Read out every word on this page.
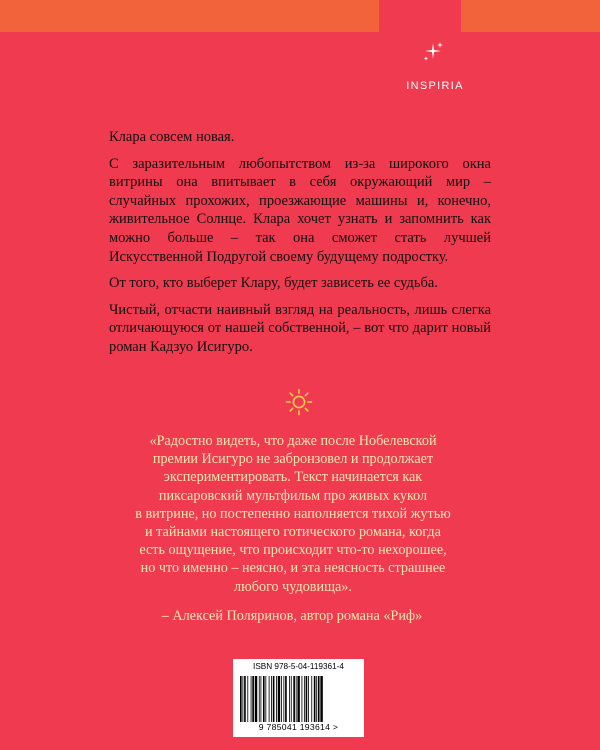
INSPIRIA

Клара совсем новая.

С заразительным любопытством из-за широкого окна витрины она впитывает в себя окружающий мир – случайных прохожих, проезжающие машины и, конечно, живительное Солнце. Клара хочет узнать и запомнить как можно больше – так она сможет стать лучшей Искусственной Подругой своему будущему подростку.

От того, кто выберет Клару, будет зависеть ее судьба.

Чистый, отчасти наивный взгляд на реальность, лишь слегка отличающуюся от нашей собственной, – вот что дарит новый роман Кадзуо Исигуро.

«Радостно видеть, что даже после Нобелевской
премии Исигуро не забронзовел и продолжает
экспериментировать. Текст начинается как
пиксаровский мультфильм про живых кукол
в витрине, но постепенно наполняется тихой жутью
и тайнами настоящего готического романа, когда
есть ощущение, что происходит что-то нехорошее,
но что именно – неясно, и эта неясность страшнее
любого чудовища».

– Алексей Поляринов, автор романа «Риф»

ISBN 978-5-04-119361-4
9 785041 193614 >
